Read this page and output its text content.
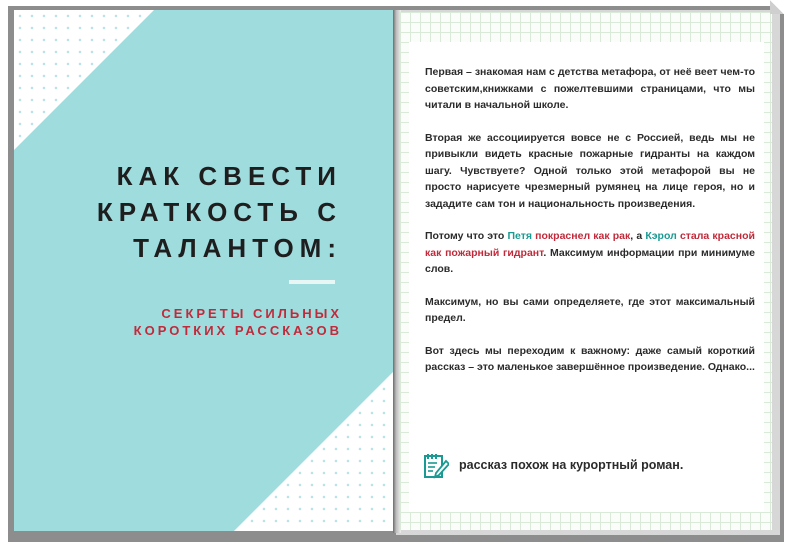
КАК СВЕСТИ
КРАТКОСТЬ С
ТАЛАНТОМ:
СЕКРЕТЫ СИЛЬНЫХ
КОРОТКИХ РАССКАЗОВ

Первая – знакомая нам с детства метафора, от неё веет чем-то советским,книжками с пожелтевшими страницами, что мы читали в начальной школе.

Вторая же ассоциируется вовсе не с Россией, ведь мы не привыкли видеть красные пожарные гидранты на каждом шагу. Чувствуете? Одной только этой метафорой вы не просто нарисуете чрезмерный румянец на лице героя, но и зададите сам тон и национальность произведения.

Потому что это Петя покраснел как рак, а Кэрол стала красной как пожарный гидрант. Максимум информации при минимуме слов.

Максимум, но вы сами определяете, где этот максимальный предел.

Вот здесь мы переходим к важному: даже самый короткий рассказ – это маленькое завершённое произведение. Однако...

рассказ похож на курортный роман.
